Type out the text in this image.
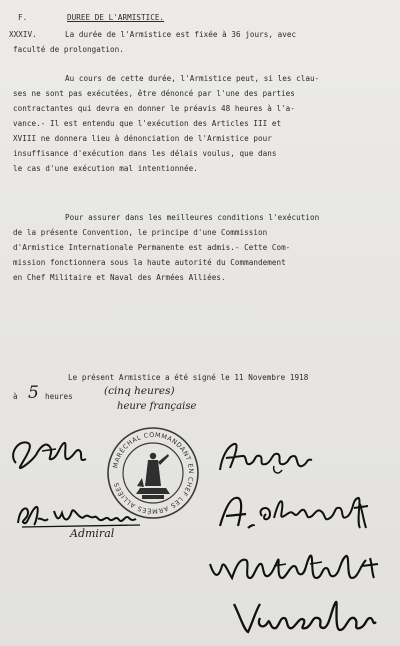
F.	DUREE DE L'ARMISTICE.
XXXIV.	La durée de l'Armistice est fixée à 36 jours, avec
faculté de prolongation.
Au cours de cette durée, l'Armistice peut, si les clau-
ses ne sont pas exécutées, être dénoncé par l'une des parties
contractantes qui devra en donner le préavis 48 heures à l'a-
vance.- Il est entendu que l'exécution des Articles III et
XVIII ne donnera lieu à dénonciation de l'Armistice pour
insuffisance d'exécution dans les délais voulus, que dans
le cas d'une exécution mal intentionnée.
Pour assurer dans les meilleures conditions l'exécution
de la présente Convention, le principe d'une Commission
d'Armistice Internationale Permanente est admis.- Cette Com-
mission fonctionnera sous la haute autorité du Commandement
en Chef Militaire et Naval des Armées Alliées.
Le présent Armistice a été signé le 11 Novembre 1918
à 5 heures	(cinq heures)
heure française
MARÉCHAL COMMANDANT EN CHEF LES ARMÉES ALLIÉES
Admiral
